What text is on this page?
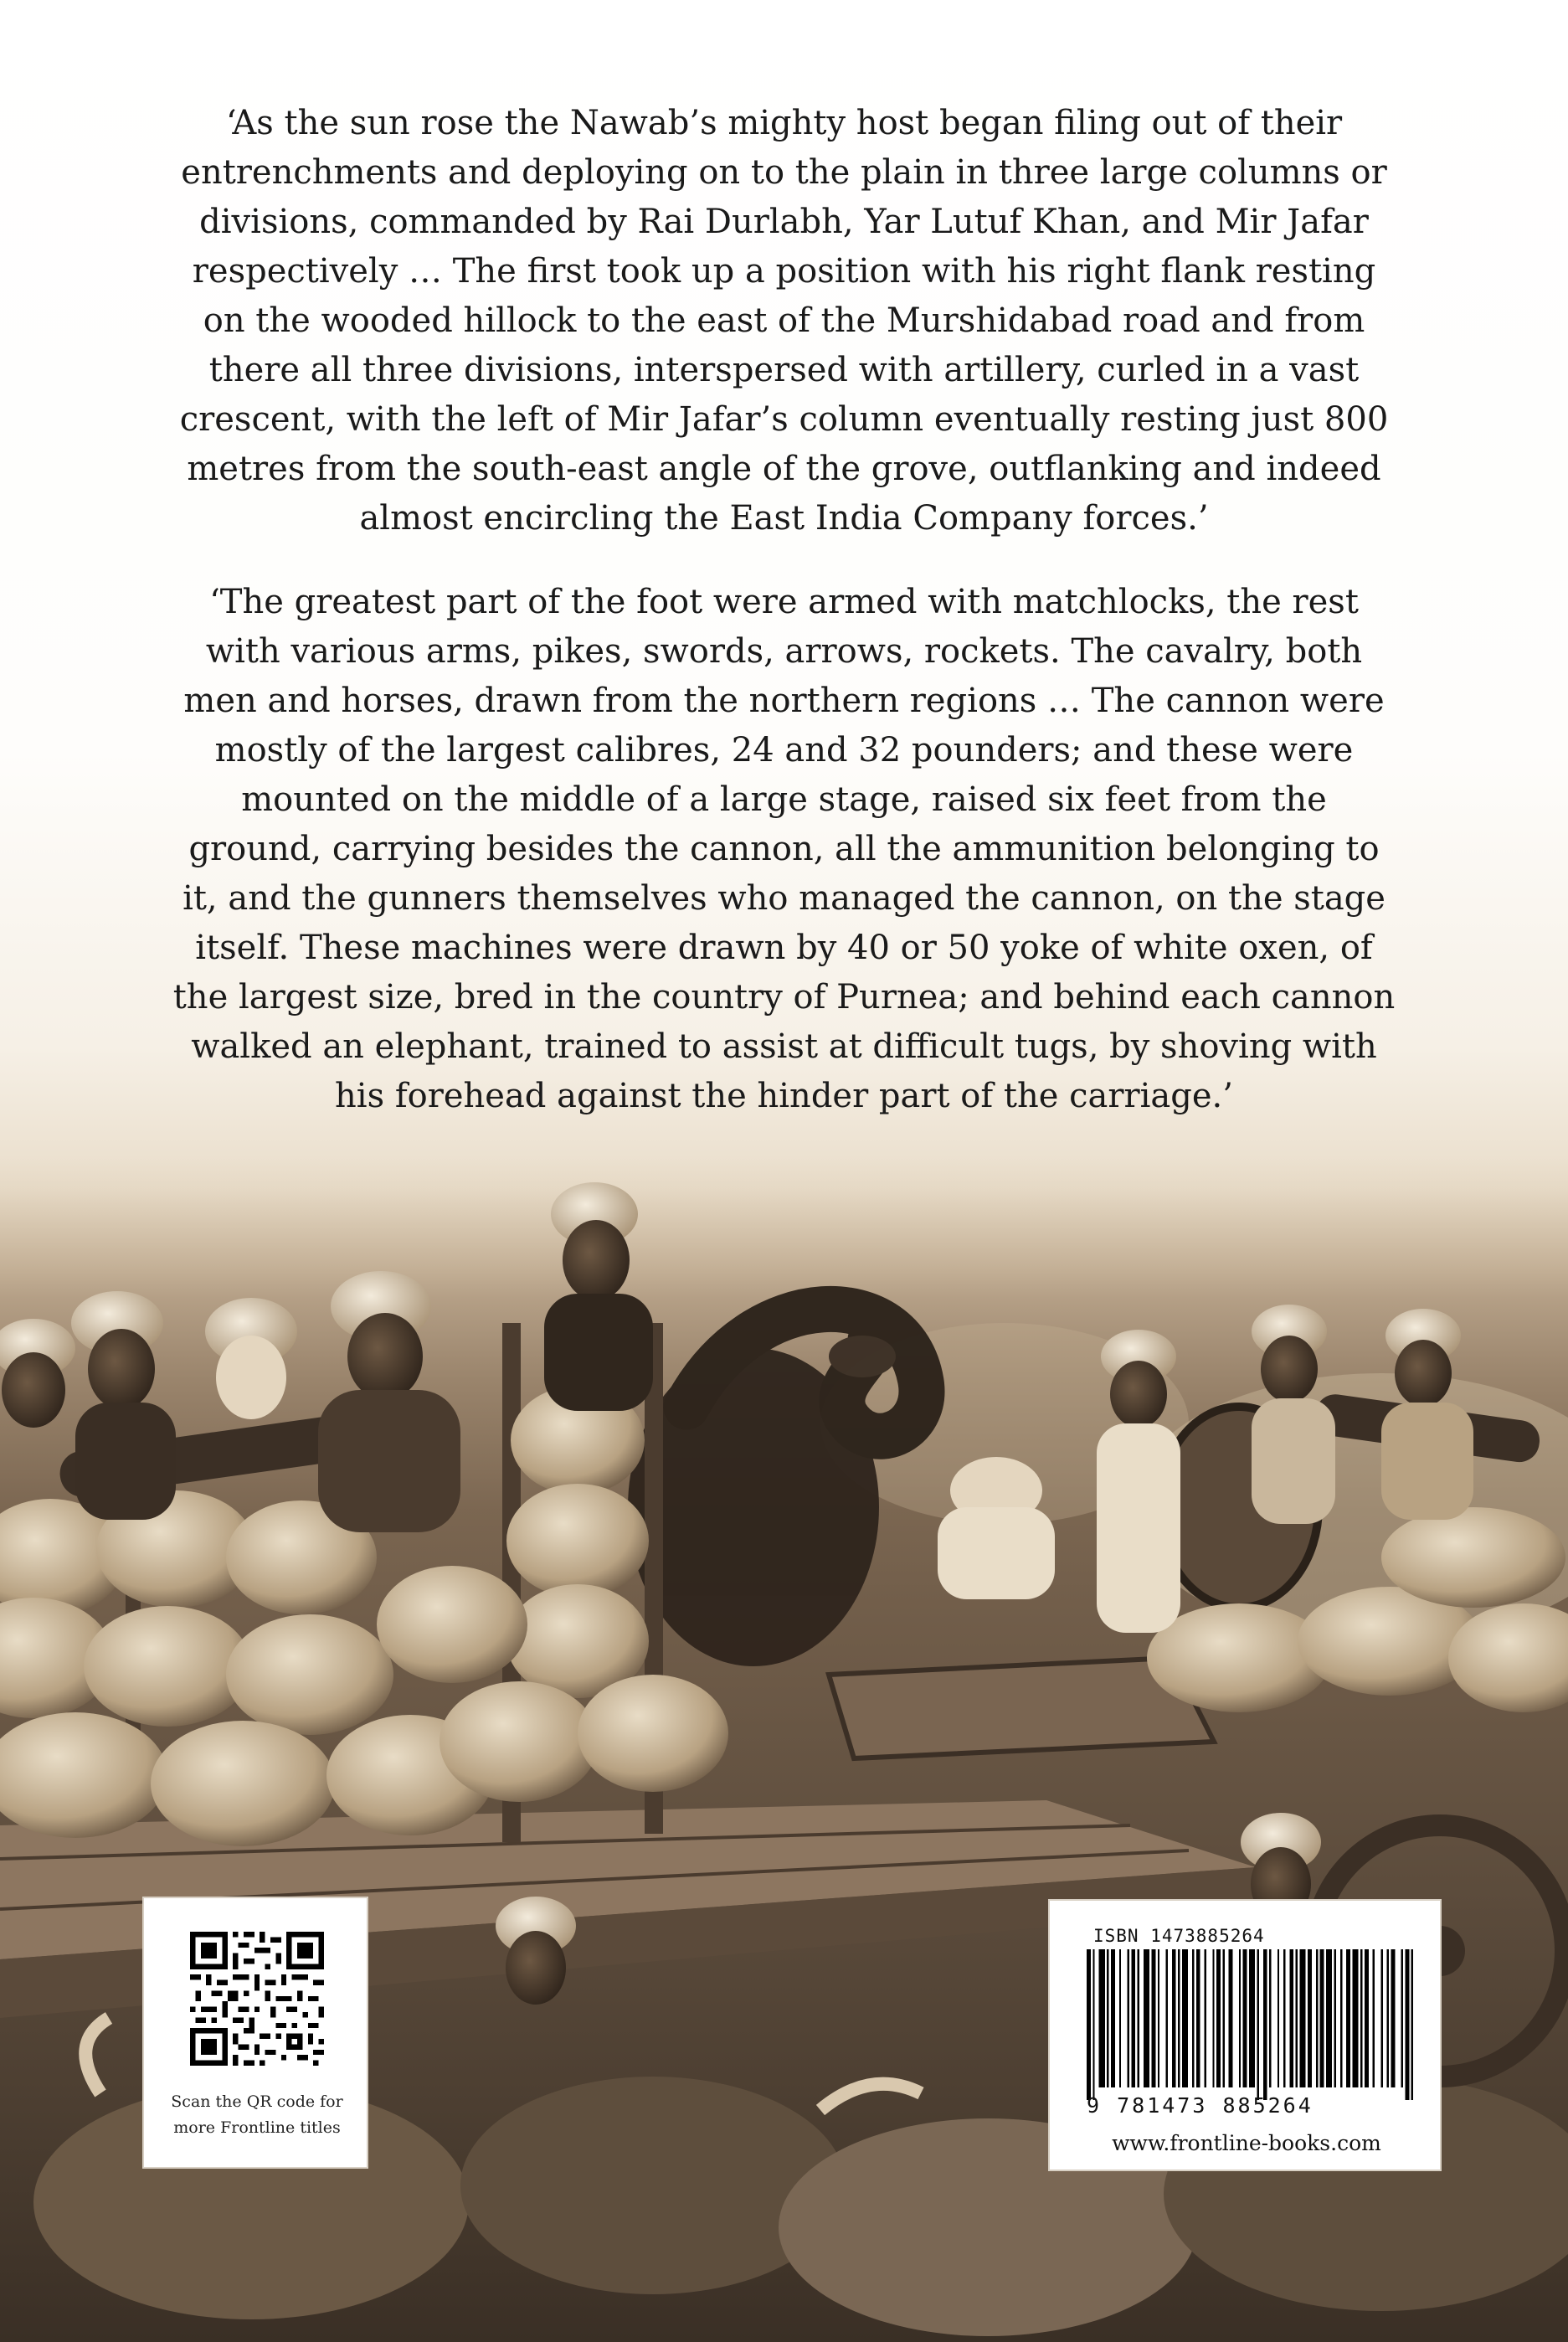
‘As the sun rose the Nawab’s mighty host began filing out of their
entrenchments and deploying on to the plain in three large columns or
divisions, commanded by Rai Durlabh, Yar Lutuf Khan, and Mir Jafar
respectively … The first took up a position with his right flank resting
on the wooded hillock to the east of the Murshidabad road and from
there all three divisions, interspersed with artillery, curled in a vast
crescent, with the left of Mir Jafar’s column eventually resting just 800
metres from the south-east angle of the grove, outflanking and indeed
almost encircling the East India Company forces.’
‘The greatest part of the foot were armed with matchlocks, the rest
with various arms, pikes, swords, arrows, rockets. The cavalry, both
men and horses, drawn from the northern regions … The cannon were
mostly of the largest calibres, 24 and 32 pounders; and these were
mounted on the middle of a large stage, raised six feet from the
ground, carrying besides the cannon, all the ammunition belonging to
it, and the gunners themselves who managed the cannon, on the stage
itself. These machines were drawn by 40 or 50 yoke of white oxen, of
the largest size, bred in the country of Purnea; and behind each cannon
walked an elephant, trained to assist at difficult tugs, by shoving with
his forehead against the hinder part of the carriage.’
Scan the QR code for
more Frontline titles
ISBN 1473885264
9 781473 885264
www.frontline-books.com
